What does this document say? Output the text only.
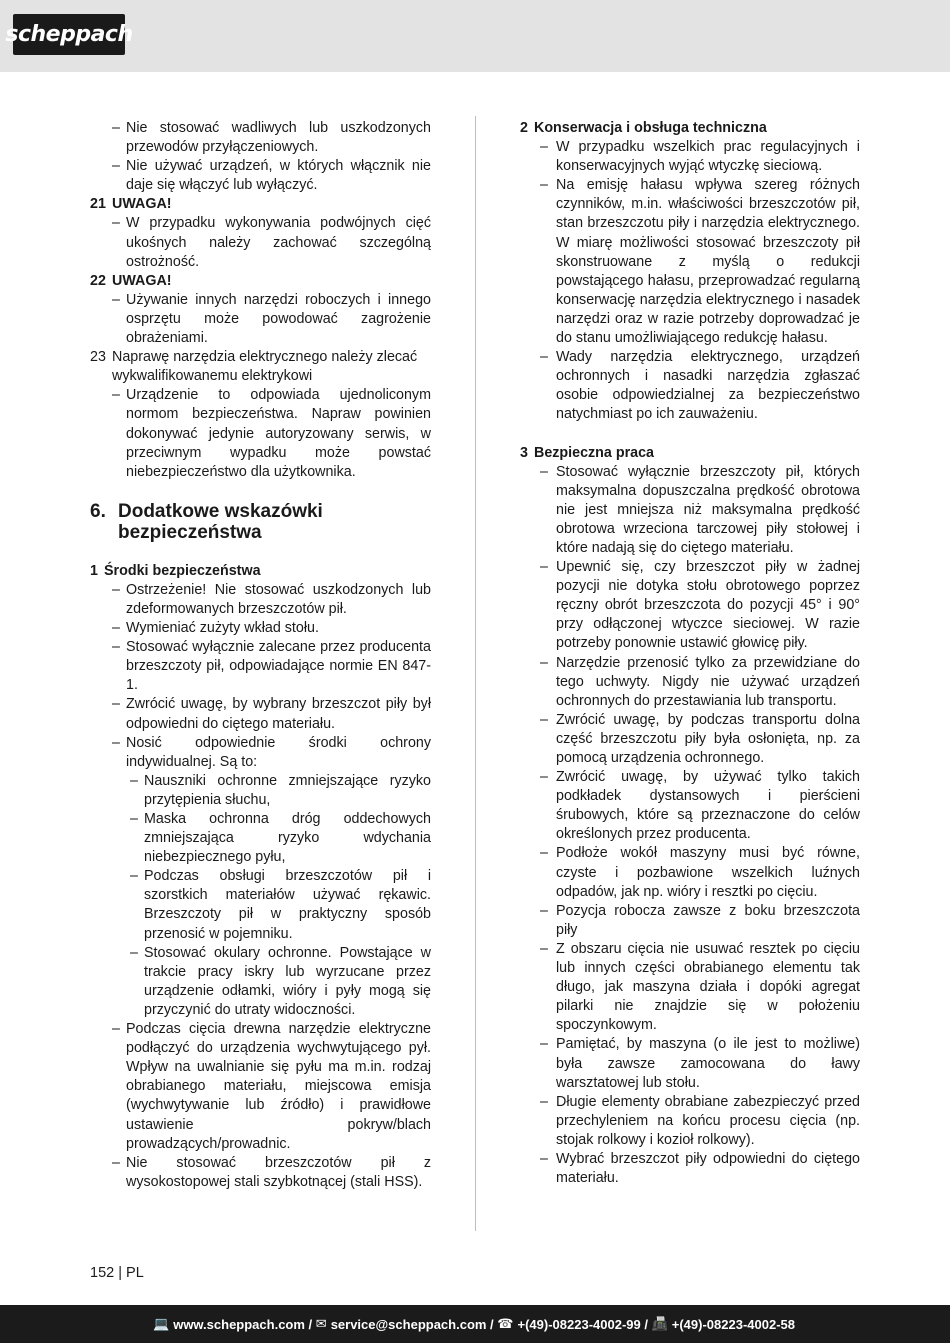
scheppach
– Nie stosować wadliwych lub uszkodzonych przewodów przyłączeniowych.
– Nie używać urządzeń, w których włącznik nie daje się włączyć lub wyłączyć.
21 UWAGA!
– W przypadku wykonywania podwójnych cięć ukośnych należy zachować szczególną ostrożność.
22 UWAGA!
– Używanie innych narzędzi roboczych i innego osprzętu może powodować zagrożenie obrażeniami.
23 Naprawę narzędzia elektrycznego należy zlecać wykwalifikowanemu elektrykowi
– Urządzenie to odpowiada ujednoliconym normom bezpieczeństwa. Napraw powinien dokonywać jedynie autoryzowany serwis, w przeciwnym wypadku może powstać niebezpieczeństwo dla użytkownika.
6. Dodatkowe wskazówki bezpieczeństwa
1 Środki bezpieczeństwa
– Ostrzeżenie! Nie stosować uszkodzonych lub zdeformowanych brzeszczotów pił.
– Wymieniać zużyty wkład stołu.
– Stosować wyłącznie zalecane przez producenta brzeszczoty pił, odpowiadające normie EN 847-1.
– Zwrócić uwagę, by wybrany brzeszczot piły był odpowiedni do ciętego materiału.
– Nosić odpowiednie środki ochrony indywidualnej. Są to:
– Nauszniki ochronne zmniejszające ryzyko przytępienia słuchu,
– Maska ochronna dróg oddechowych zmniejszająca ryzyko wdychania niebezpiecznego pyłu,
– Podczas obsługi brzeszczotów pił i szorstkich materiałów używać rękawic. Brzeszczoty pił w praktyczny sposób przenosić w pojemniku.
– Stosować okulary ochronne. Powstające w trakcie pracy iskry lub wyrzucane przez urządzenie odłamki, wióry i pyły mogą się przyczynić do utraty widoczności.
– Podczas cięcia drewna narzędzie elektryczne podłączyć do urządzenia wychwytującego pył. Wpływ na uwalnianie się pyłu ma m.in. rodzaj obrabianego materiału, miejscowa emisja (wychwytywanie lub źródło) i prawidłowe ustawienie pokryw/blach prowadzących/prowadnic.
– Nie stosować brzeszczotów pił z wysokostopowej stali szybkotnącej (stali HSS).
2 Konserwacja i obsługa techniczna
– W przypadku wszelkich prac regulacyjnych i konserwacyjnych wyjąć wtyczkę sieciową.
– Na emisję hałasu wpływa szereg różnych czynników, m.in. właściwości brzeszczotów pił, stan brzeszczotu piły i narzędzia elektrycznego. W miarę możliwości stosować brzeszczoty pił skonstruowane z myślą o redukcji powstającego hałasu, przeprowadzać regularną konserwację narzędzia elektrycznego i nasadek narzędzi oraz w razie potrzeby doprowadzać je do stanu umożliwiającego redukcję hałasu.
– Wady narzędzia elektrycznego, urządzeń ochronnych i nasadki narzędzia zgłaszać osobie odpowiedzialnej za bezpieczeństwo natychmiast po ich zauważeniu.
3 Bezpieczna praca
– Stosować wyłącznie brzeszczoty pił, których maksymalna dopuszczalna prędkość obrotowa nie jest mniejsza niż maksymalna prędkość obrotowa wrzeciona tarczowej piły stołowej i które nadają się do ciętego materiału.
– Upewnić się, czy brzeszczot piły w żadnej pozycji nie dotyka stołu obrotowego poprzez ręczny obrót brzeszczota do pozycji 45° i 90° przy odłączonej wtyczce sieciowej. W razie potrzeby ponownie ustawić głowicę piły.
– Narzędzie przenosić tylko za przewidziane do tego uchwyty. Nigdy nie używać urządzeń ochronnych do przestawiania lub transportu.
– Zwrócić uwagę, by podczas transportu dolna część brzeszczotu piły była osłonięta, np. za pomocą urządzenia ochronnego.
– Zwrócić uwagę, by używać tylko takich podkładek dystansowych i pierścieni śrubowych, które są przeznaczone do celów określonych przez producenta.
– Podłoże wokół maszyny musi być równe, czyste i pozbawione wszelkich luźnych odpadów, jak np. wióry i resztki po cięciu.
– Pozycja robocza zawsze z boku brzeszczota piły
– Z obszaru cięcia nie usuwać resztek po cięciu lub innych części obrabianego elementu tak długo, jak maszyna działa i dopóki agregat pilarki nie znajdzie się w położeniu spoczynkowym.
– Pamiętać, by maszyna (o ile jest to możliwe) była zawsze zamocowana do ławy warsztatowej lub stołu.
– Długie elementy obrabiane zabezpieczyć przed przechyleniem na końcu procesu cięcia (np. stojak rolkowy i kozioł rolkowy).
– Wybrać brzeszczot piły odpowiedni do ciętego materiału.
152 | PL
💻 www.scheppach.com /
✉ service@scheppach.com /
☎ +(49)-08223-4002-99 /
📠 +(49)-08223-4002-58
